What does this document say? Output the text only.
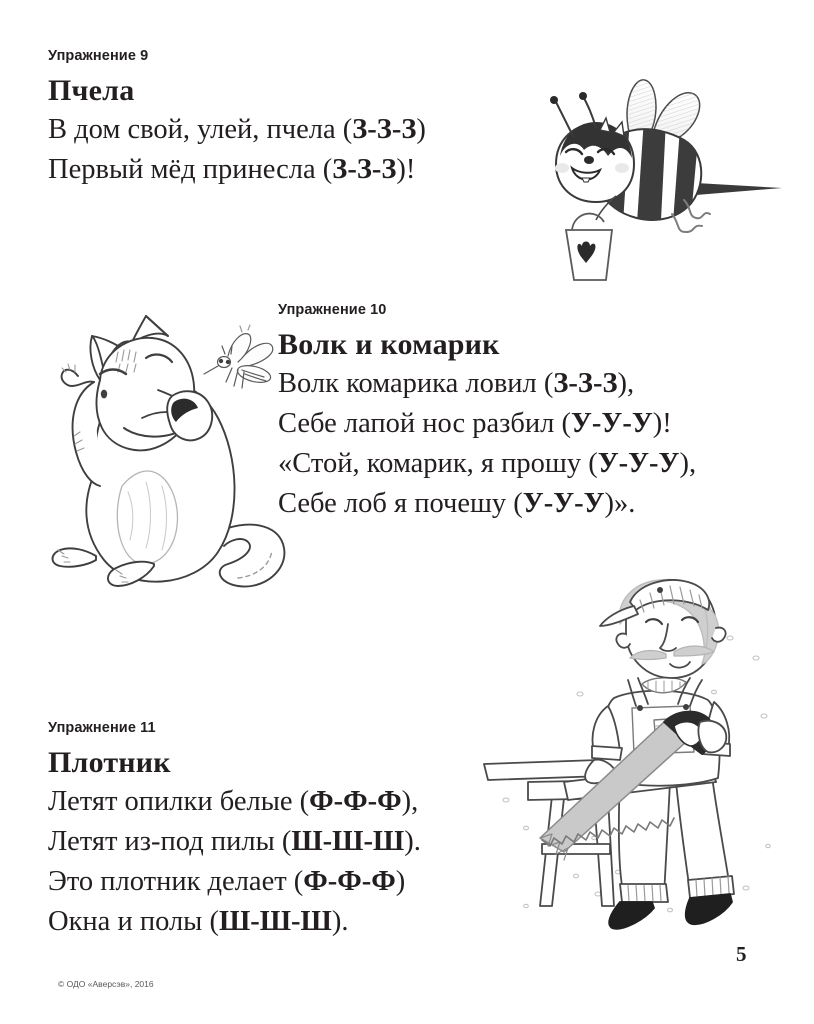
Упражнение 9
Пчела
В дом свой, улей, пчела (З-З-З)
Первый мёд принесла (З-З-З)!
Упражнение 10
Волк и комарик
Волк комарика ловил (З-З-З),
Себе лапой нос разбил (У-У-У)!
«Стой, комарик, я прошу (У-У-У),
Себе лоб я почешу (У-У-У)».
Упражнение 11
Плотник
Летят опилки белые (Ф-Ф-Ф),
Летят из-под пилы (Ш-Ш-Ш).
Это плотник делает (Ф-Ф-Ф)
Окна и полы (Ш-Ш-Ш).
© ОДО «Аверсэв», 2016
5
